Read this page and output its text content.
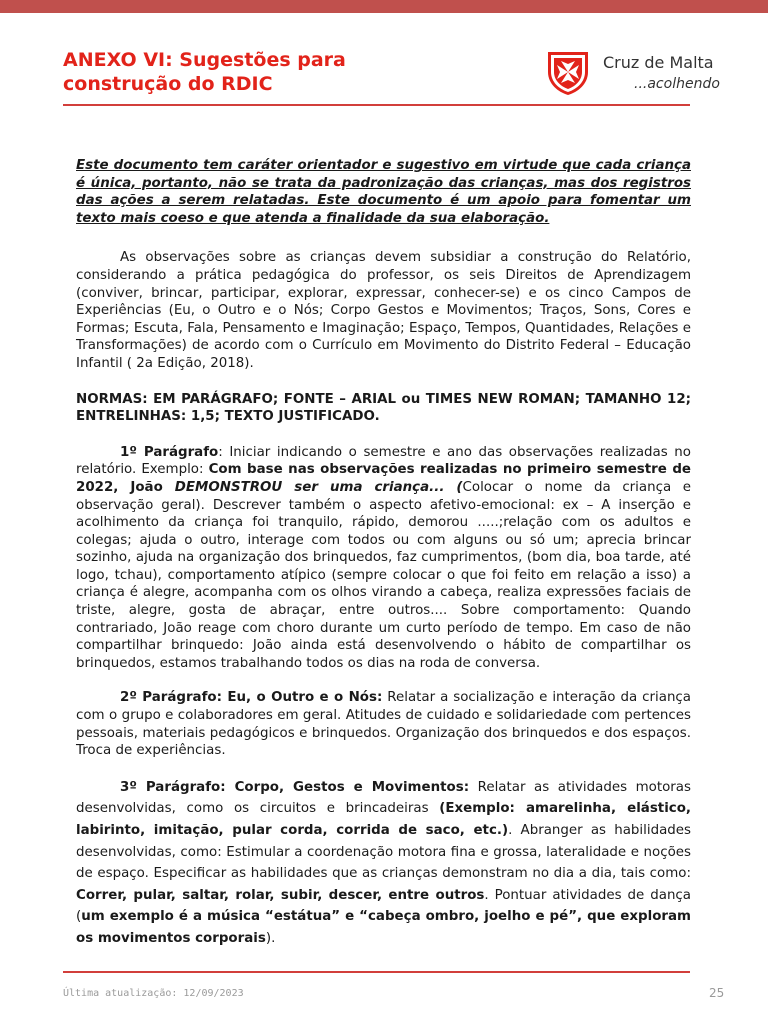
ANEXO VI: Sugestões para
construção do RDIC
Cruz de Malta
...acolhendo

Este documento tem caráter orientador e sugestivo em virtude que cada criança é única, portanto, não se trata da padronização das crianças, mas dos registros das ações a serem relatadas. Este documento é um apoio para fomentar um texto mais coeso e que atenda a finalidade da sua elaboração.

As observações sobre as crianças devem subsidiar a construção do Relatório, considerando a prática pedagógica do professor, os seis Direitos de Aprendizagem (conviver, brincar, participar, explorar, expressar, conhecer-se) e os cinco Campos de Experiências (Eu, o Outro e o Nós; Corpo Gestos e Movimentos; Traços, Sons, Cores e Formas; Escuta, Fala, Pensamento e Imaginação; Espaço, Tempos, Quantidades, Relações e Transformações) de acordo com o Currículo em Movimento do Distrito Federal – Educação Infantil ( 2a Edição, 2018).

NORMAS: EM PARÁGRAFO; FONTE – ARIAL ou TIMES NEW ROMAN; TAMANHO 12; ENTRELINHAS: 1,5; TEXTO JUSTIFICADO.

1º Parágrafo: Iniciar indicando o semestre e ano das observações realizadas no relatório. Exemplo: Com base nas observações realizadas no primeiro semestre de 2022, João DEMONSTROU ser uma criança... (Colocar o nome da criança e observação geral). Descrever também o aspecto afetivo-emocional: ex – A inserção e acolhimento da criança foi tranquilo, rápido, demorou .....;relação com os adultos e colegas; ajuda o outro, interage com todos ou com alguns ou só um; aprecia brincar sozinho, ajuda na organização dos brinquedos, faz cumprimentos, (bom dia, boa tarde, até logo, tchau), comportamento atípico (sempre colocar o que foi feito em relação a isso) a criança é alegre, acompanha com os olhos virando a cabeça, realiza expressões faciais de triste, alegre, gosta de abraçar, entre outros.... Sobre comportamento: Quando contrariado, João reage com choro durante um curto período de tempo. Em caso de não compartilhar brinquedo: João ainda está desenvolvendo o hábito de compartilhar os brinquedos, estamos trabalhando todos os dias na roda de conversa.

2º Parágrafo: Eu, o Outro e o Nós: Relatar a socialização e interação da criança com o grupo e colaboradores em geral. Atitudes de cuidado e solidariedade com pertences pessoais, materiais pedagógicos e brinquedos. Organização dos brinquedos e dos espaços. Troca de experiências.

3º Parágrafo: Corpo, Gestos e Movimentos: Relatar as atividades motoras desenvolvidas, como os circuitos e brincadeiras (Exemplo: amarelinha, elástico, labirinto, imitação, pular corda, corrida de saco, etc.). Abranger as habilidades desenvolvidas, como: Estimular a coordenação motora fina e grossa, lateralidade e noções de espaço. Especificar as habilidades que as crianças demonstram no dia a dia, tais como: Correr, pular, saltar, rolar, subir, descer, entre outros. Pontuar atividades de dança (um exemplo é a música “estátua” e “cabeça ombro, joelho e pé”, que exploram os movimentos corporais).

Última atualização: 12/09/2023	25
